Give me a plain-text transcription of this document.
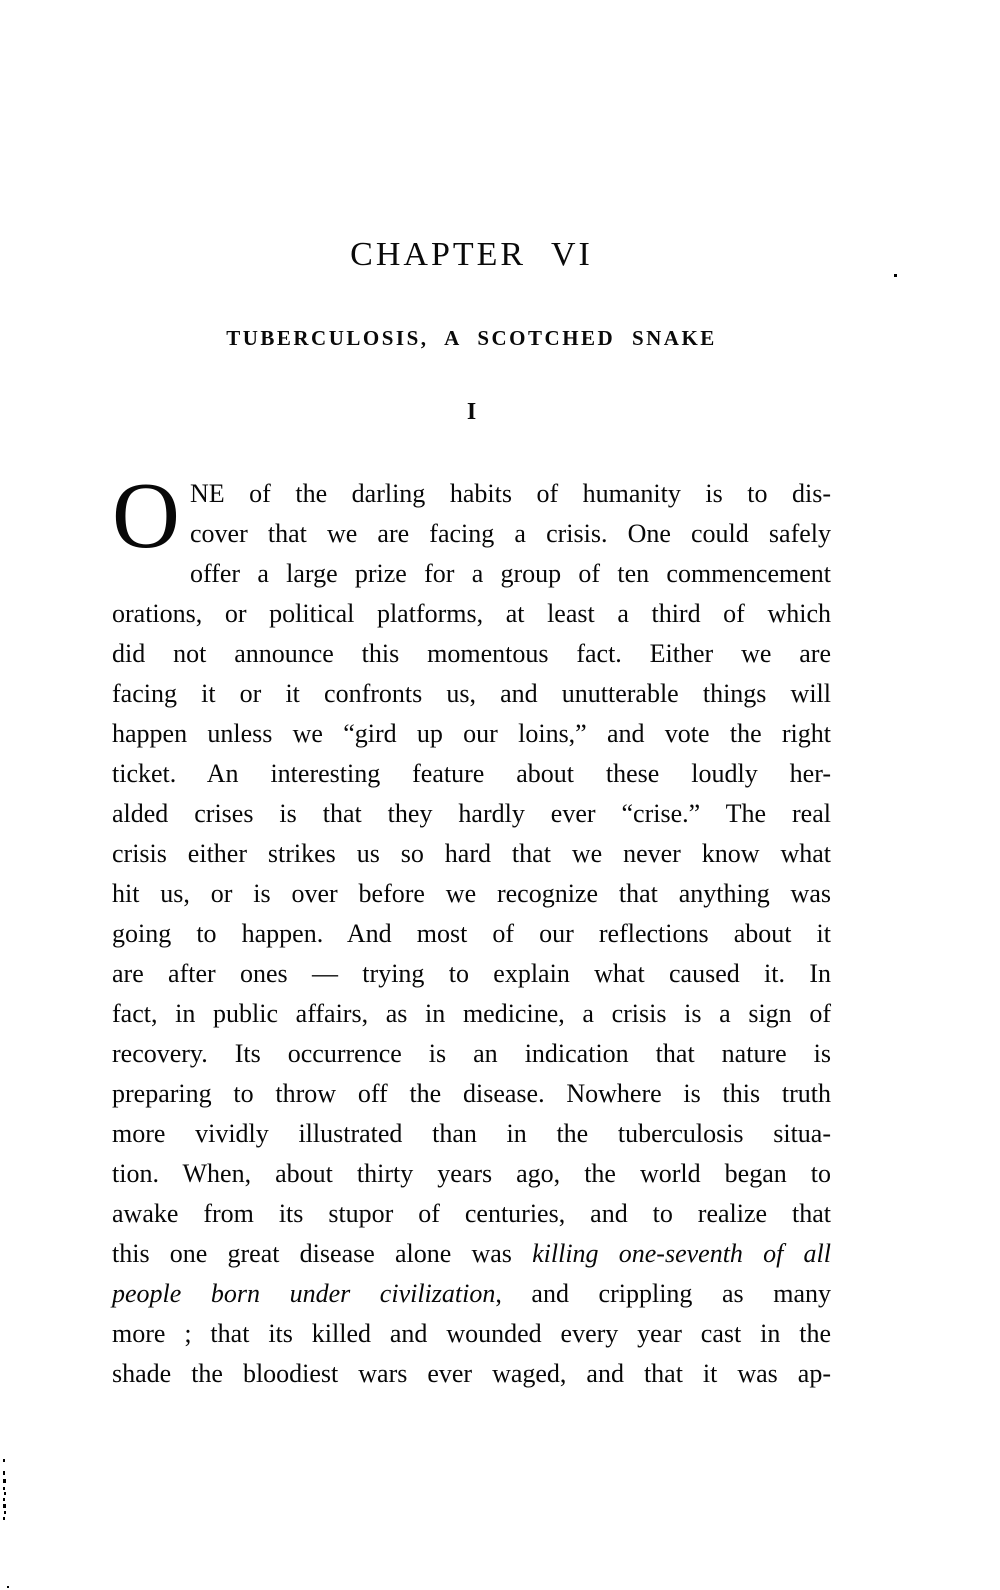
CHAPTER VI
TUBERCULOSIS, A SCOTCHED SNAKE
I
O NE of the darling habits of humanity is to dis-
cover that we are facing a crisis. One could safely
offer a large prize for a group of ten commencement
orations, or political platforms, at least a third of which
did not announce this momentous fact. Either we are
facing it or it confronts us, and unutterable things will
happen unless we “gird up our loins,” and vote the right
ticket. An interesting feature about these loudly her-
alded crises is that they hardly ever “crise.” The real
crisis either strikes us so hard that we never know what
hit us, or is over before we recognize that anything was
going to happen. And most of our reflections about it
are after ones — trying to explain what caused it. In
fact, in public affairs, as in medicine, a crisis is a sign of
recovery. Its occurrence is an indication that nature is
preparing to throw off the disease. Nowhere is this truth
more vividly illustrated than in the tuberculosis situa-
tion. When, about thirty years ago, the world began to
awake from its stupor of centuries, and to realize that
this one great disease alone was killing one-seventh of all
people born under civilization, and crippling as many
more ; that its killed and wounded every year cast in the
shade the bloodiest wars ever waged, and that it was ap-
